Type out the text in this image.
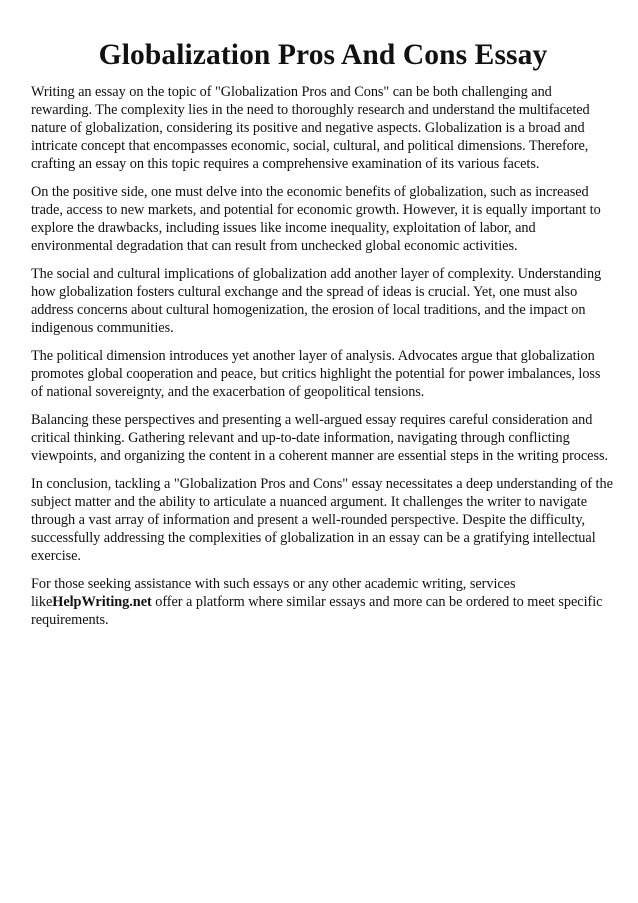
Globalization Pros And Cons Essay

Writing an essay on the topic of "Globalization Pros and Cons" can be both challenging and rewarding. The complexity lies in the need to thoroughly research and understand the multifaceted nature of globalization, considering its positive and negative aspects. Globalization is a broad and intricate concept that encompasses economic, social, cultural, and political dimensions. Therefore, crafting an essay on this topic requires a comprehensive examination of its various facets.

On the positive side, one must delve into the economic benefits of globalization, such as increased trade, access to new markets, and potential for economic growth. However, it is equally important to explore the drawbacks, including issues like income inequality, exploitation of labor, and environmental degradation that can result from unchecked global economic activities.

The social and cultural implications of globalization add another layer of complexity. Understanding how globalization fosters cultural exchange and the spread of ideas is crucial. Yet, one must also address concerns about cultural homogenization, the erosion of local traditions, and the impact on indigenous communities.

The political dimension introduces yet another layer of analysis. Advocates argue that globalization promotes global cooperation and peace, but critics highlight the potential for power imbalances, loss of national sovereignty, and the exacerbation of geopolitical tensions.

Balancing these perspectives and presenting a well-argued essay requires careful consideration and critical thinking. Gathering relevant and up-to-date information, navigating through conflicting viewpoints, and organizing the content in a coherent manner are essential steps in the writing process.

In conclusion, tackling a "Globalization Pros and Cons" essay necessitates a deep understanding of the subject matter and the ability to articulate a nuanced argument. It challenges the writer to navigate through a vast array of information and present a well-rounded perspective. Despite the difficulty, successfully addressing the complexities of globalization in an essay can be a gratifying intellectual exercise.

For those seeking assistance with such essays or any other academic writing, services likeHelpWriting.net offer a platform where similar essays and more can be ordered to meet specific requirements.
